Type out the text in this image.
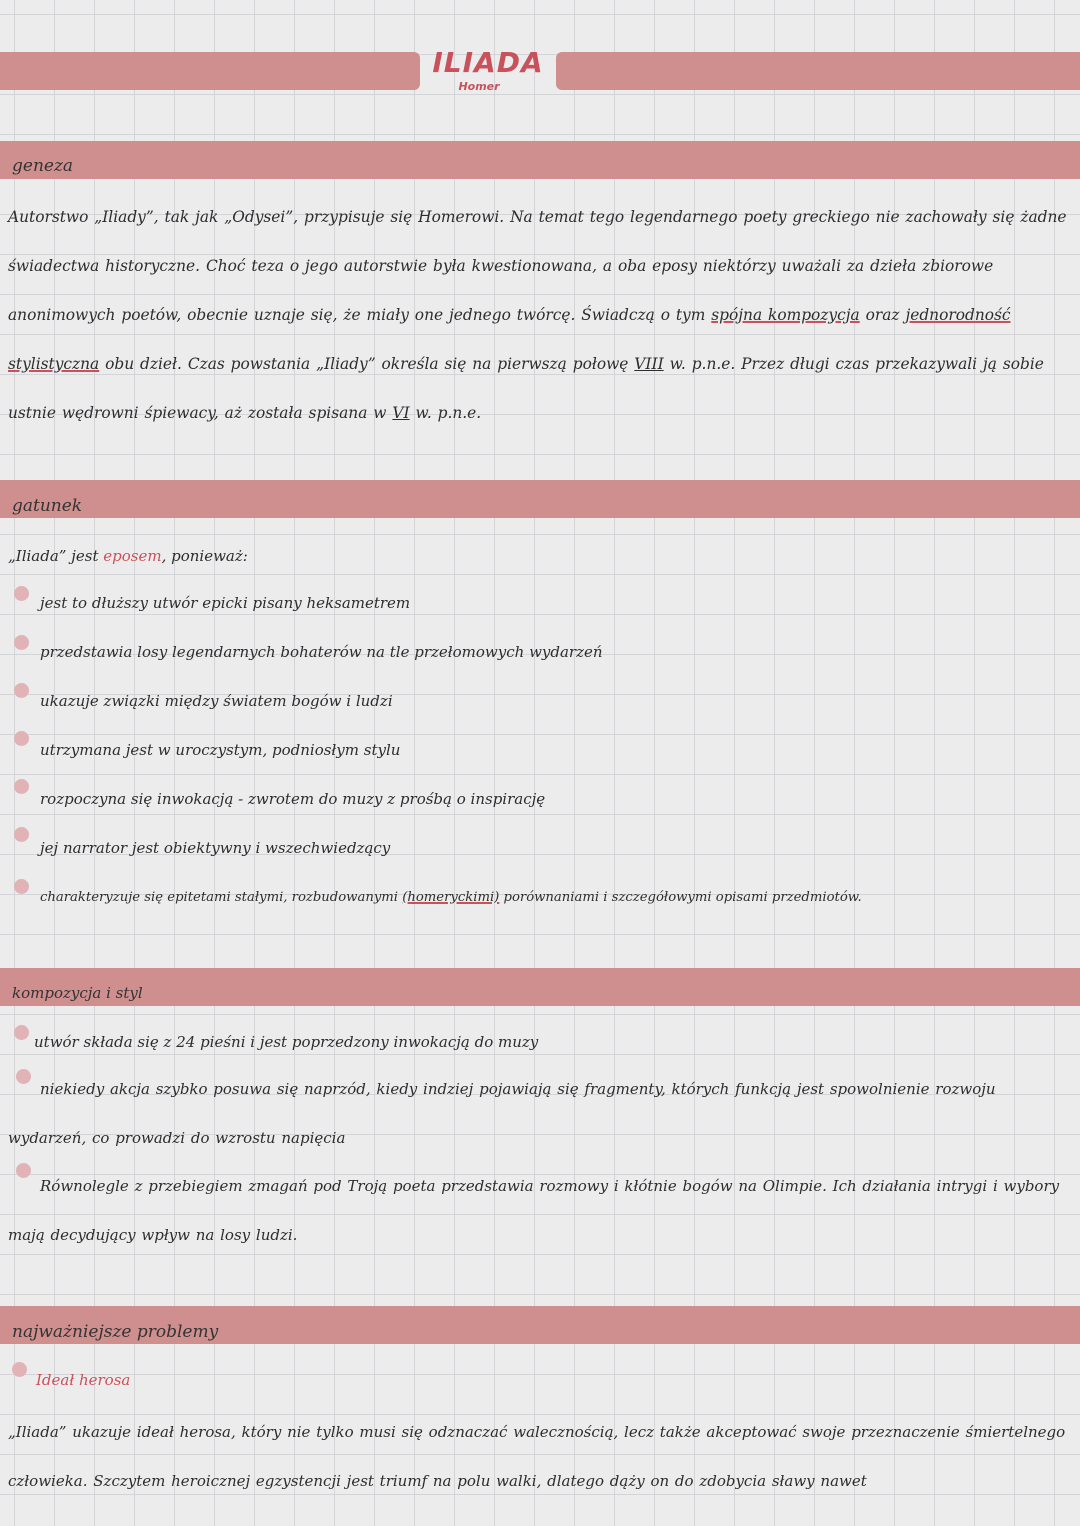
ILIADA
Homer
geneza
Autorstwo „Iliady”, tak jak „Odysei”, przypisuje się Homerowi. Na temat tego legendarnego poety greckiego nie zachowały się żadne świadectwa historyczne. Choć teza o jego autorstwie była kwestionowana, a oba eposy niektórzy uważali za dzieła zbiorowe anonimowych poetów, obecnie uznaje się, że miały one jednego twórcę. Świadczą o tym spójna kompozycja oraz jednorodność stylistyczna obu dzieł. Czas powstania „Iliady” określa się na pierwszą połowę VIII w. p.n.e. Przez długi czas przekazywali ją sobie ustnie wędrowni śpiewacy, aż została spisana w VI w. p.n.e.
gatunek
„Iliada” jest eposem, ponieważ:
jest to dłuższy utwór epicki pisany heksametrem
przedstawia losy legendarnych bohaterów na tle przełomowych wydarzeń
ukazuje związki między światem bogów i ludzi
utrzymana jest w uroczystym, podniosłym stylu
rozpoczyna się inwokacją - zwrotem do muzy z prośbą o inspirację
jej narrator jest obiektywny i wszechwiedzący
charakteryzuje się epitetami stałymi, rozbudowanymi (homeryckimi) porównaniami i szczegółowymi opisami przedmiotów.
kompozycja i styl
utwór składa się z 24 pieśni i jest poprzedzony inwokacją do muzy
niekiedy akcja szybko posuwa się naprzód, kiedy indziej pojawiają się fragmenty, których funkcją jest spowolnienie rozwoju wydarzeń, co prowadzi do wzrostu napięcia
Równolegle z przebiegiem zmagań pod Troją poeta przedstawia rozmowy i kłótnie bogów na Olimpie. Ich działania intrygi i wybory mają decydujący wpływ na losy ludzi.
najważniejsze problemy
Ideał herosa
„Iliada” ukazuje ideał herosa, który nie tylko musi się odznaczać walecznością, lecz także akceptować swoje przeznaczenie śmiertelnego człowieka. Szczytem heroicznej egzystencji jest triumf na polu walki, dlatego dąży on do zdobycia sławy nawet
